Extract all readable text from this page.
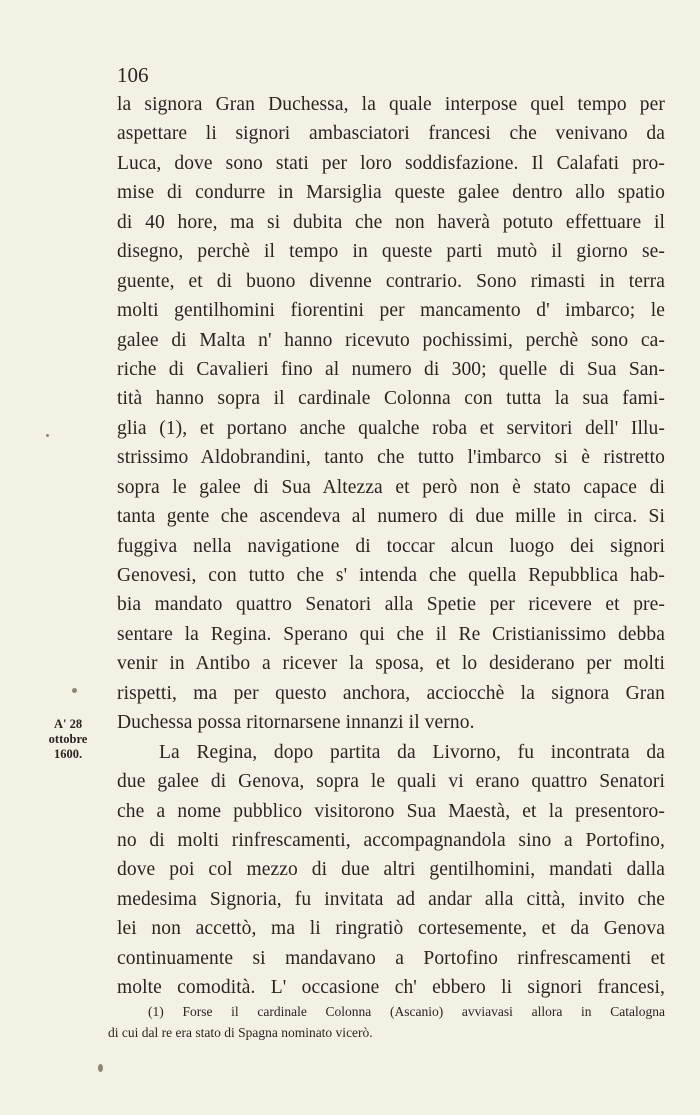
106
la signora Gran Duchessa, la quale interpose quel tempo per
aspettare li signori ambasciatori francesi che venivano da
Luca, dove sono stati per loro soddisfazione. Il Calafati pro-
mise di condurre in Marsiglia queste galee dentro allo spatio
di 40 hore, ma si dubita che non haverà potuto effettuare il
disegno, perchè il tempo in queste parti mutò il giorno se-
guente, et di buono divenne contrario. Sono rimasti in terra
molti gentilhomini fiorentini per mancamento d' imbarco; le
galee di Malta n' hanno ricevuto pochissimi, perchè sono ca-
riche di Cavalieri fino al numero di 300; quelle di Sua San-
tità hanno sopra il cardinale Colonna con tutta la sua fami-
glia (1), et portano anche qualche roba et servitori dell' Illu-
strissimo Aldobrandini, tanto che tutto l'imbarco si è ristretto
sopra le galee di Sua Altezza et però non è stato capace di
tanta gente che ascendeva al numero di due mille in circa. Si
fuggiva nella navigatione di toccar alcun luogo dei signori
Genovesi, con tutto che s' intenda che quella Repubblica hab-
bia mandato quattro Senatori alla Spetie per ricevere et pre-
sentare la Regina. Sperano qui che il Re Cristianissimo debba
venir in Antibo a ricever la sposa, et lo desiderano per molti
rispetti, ma per questo anchora, acciocchè la signora Gran
Duchessa possa ritornarsene innanzi il verno.
La Regina, dopo partita da Livorno, fu incontrata da
due galee di Genova, sopra le quali vi erano quattro Senatori
che a nome pubblico visitorono Sua Maestà, et la presentoro-
no di molti rinfrescamenti, accompagnandola sino a Portofino,
dove poi col mezzo di due altri gentilhomini, mandati dalla
medesima Signoria, fu invitata ad andar alla città, invito che
lei non accettò, ma li ringratiò cortesemente, et da Genova
continuamente si mandavano a Portofino rinfrescamenti et
molte comodità. L' occasione ch' ebbero li signori francesi,
A' 28
ottobre
1600.
(1) Forse il cardinale Colonna (Ascanio) avviavasi allora in Catalogna
di cui dal re era stato di Spagna nominato vicerò.
